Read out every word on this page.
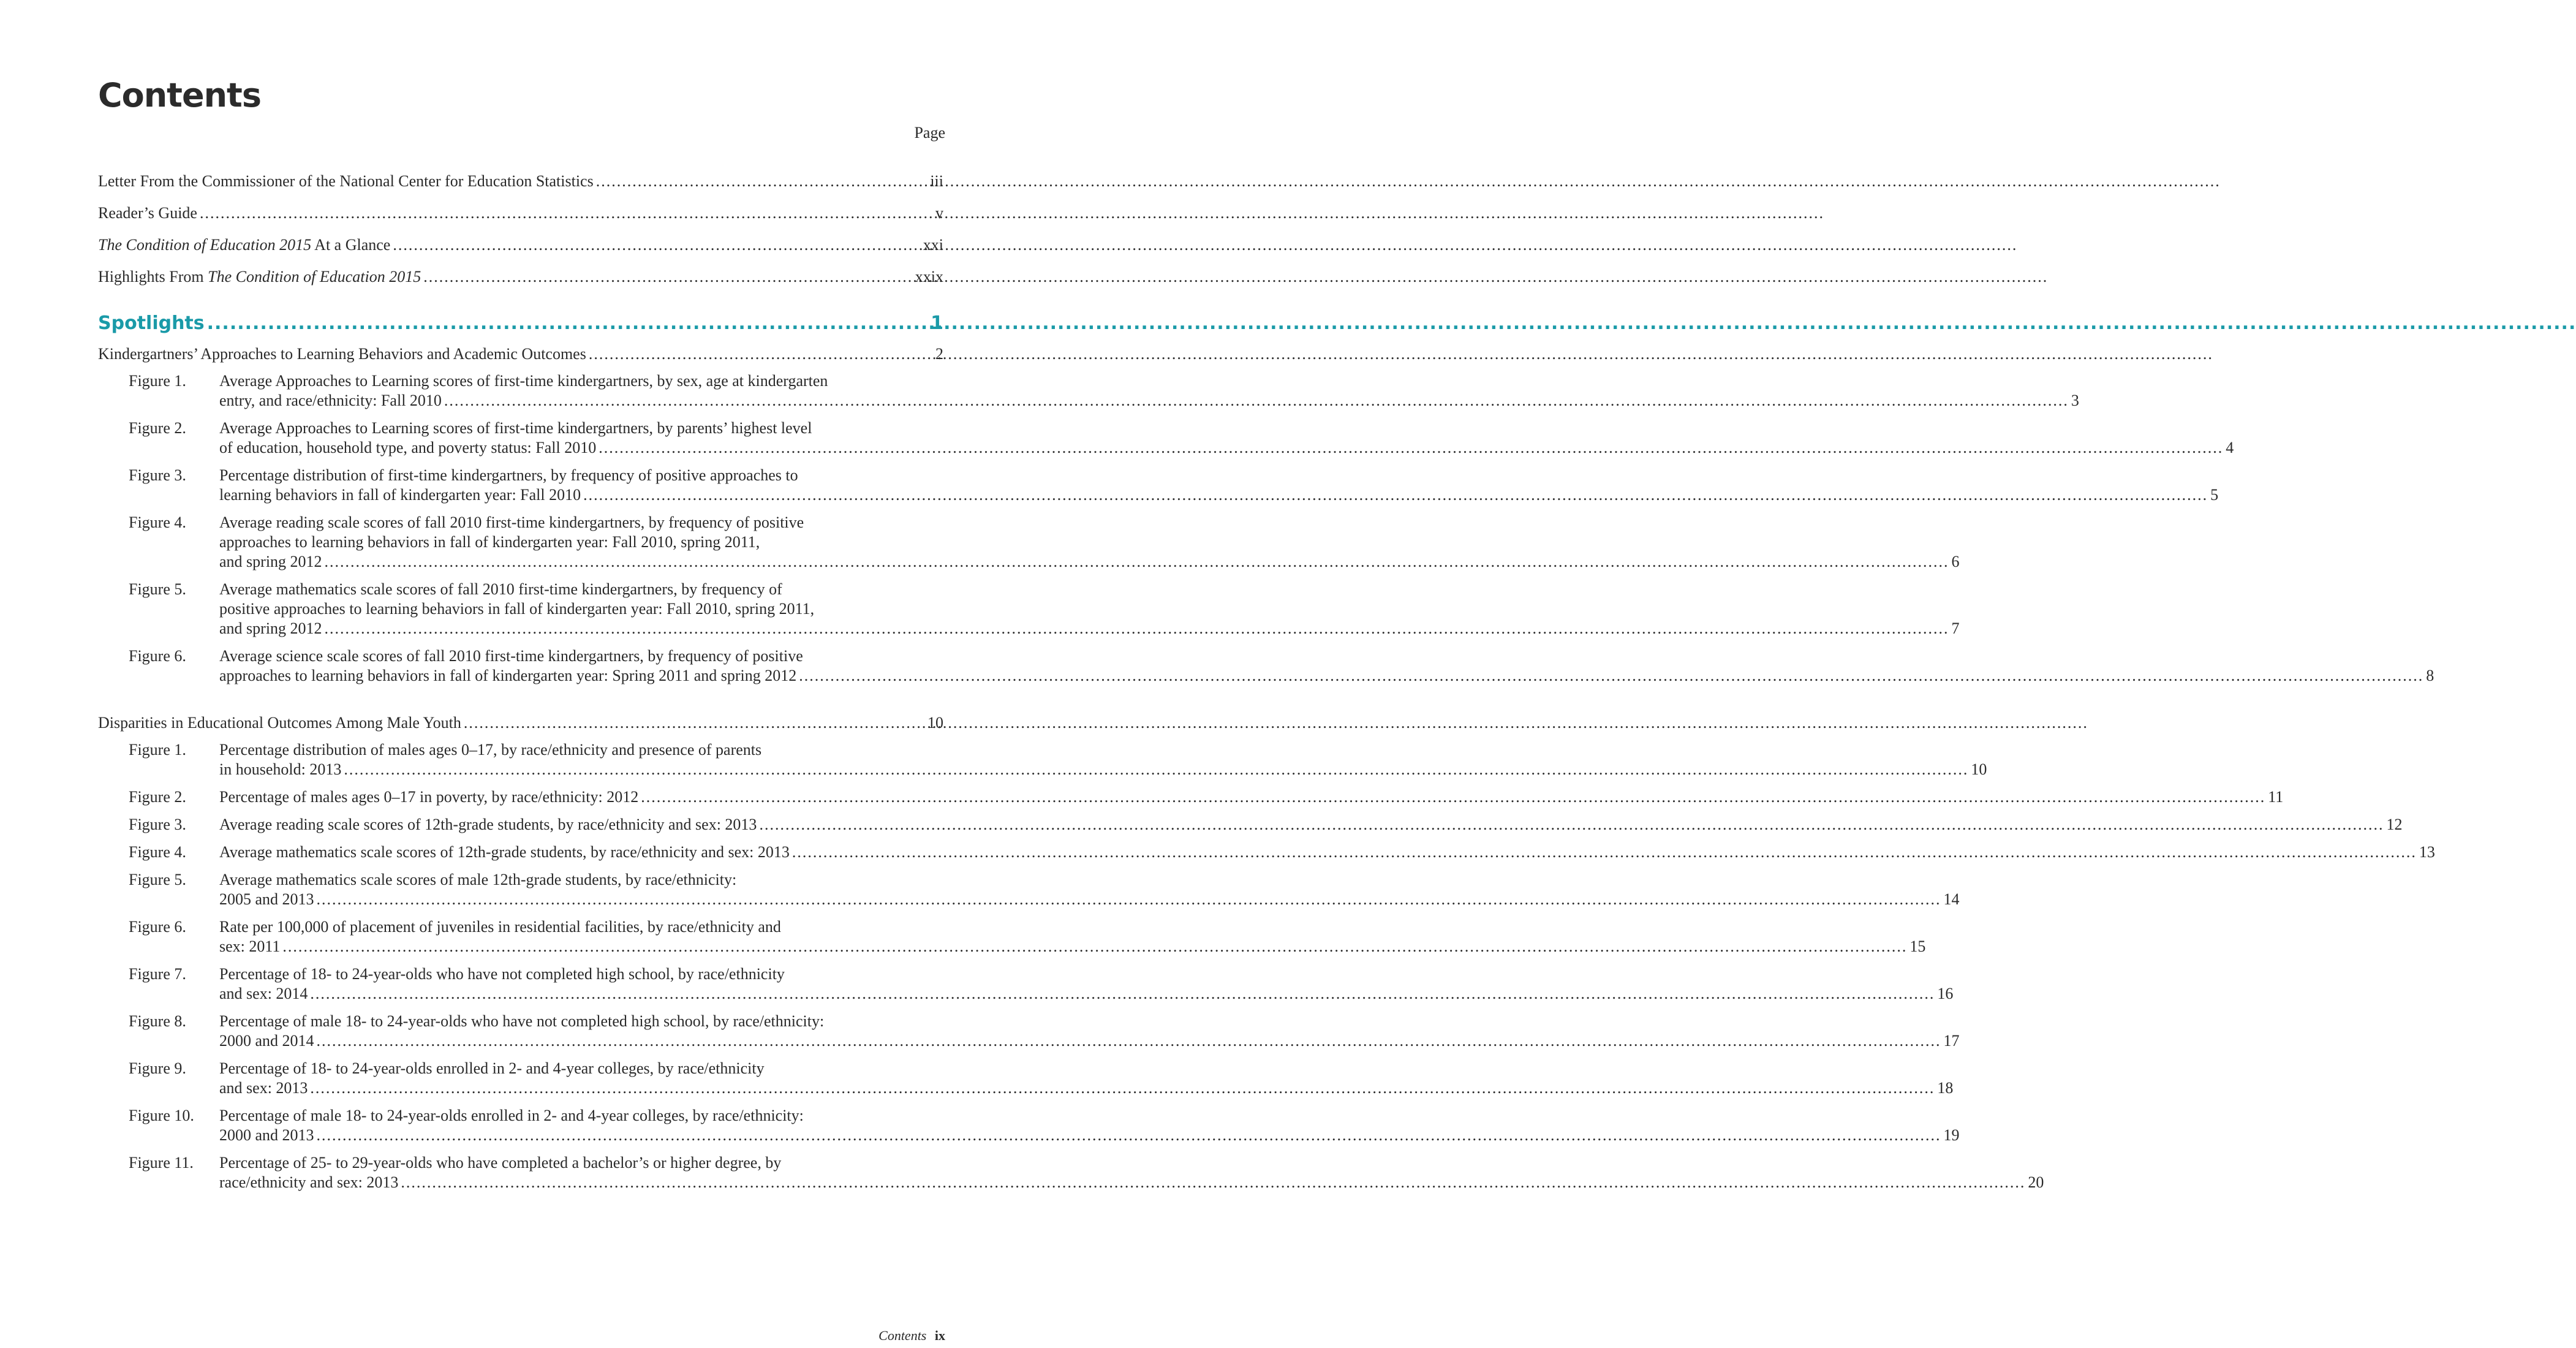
Contents
Page
Letter From the Commissioner of the National Center for Education Statistics .....	iii
Reader’s Guide .....	v
The Condition of Education 2015 At a Glance .....	xxi
Highlights From The Condition of Education 2015 .....	xxix
Spotlights .....	1
Kindergartners’ Approaches to Learning Behaviors and Academic Outcomes .....	2
Figure 1.	Average Approaches to Learning scores of first-time kindergartners, by sex, age at kindergarten
entry, and race/ethnicity: Fall 2010 .....	3
Figure 2.	Average Approaches to Learning scores of first-time kindergartners, by parents’ highest level
of education, household type, and poverty status: Fall 2010 .....	4
Figure 3.	Percentage distribution of first-time kindergartners, by frequency of positive approaches to
learning behaviors in fall of kindergarten year: Fall 2010 .....	5
Figure 4.	Average reading scale scores of fall 2010 first-time kindergartners, by frequency of positive
approaches to learning behaviors in fall of kindergarten year: Fall 2010, spring 2011,
and spring 2012 .....	6
Figure 5.	Average mathematics scale scores of fall 2010 first-time kindergartners, by frequency of
positive approaches to learning behaviors in fall of kindergarten year: Fall 2010, spring 2011,
and spring 2012 .....	7
Figure 6.	Average science scale scores of fall 2010 first-time kindergartners, by frequency of positive
approaches to learning behaviors in fall of kindergarten year: Spring 2011 and spring 2012 .....	8
Disparities in Educational Outcomes Among Male Youth .....	10
Figure 1.	Percentage distribution of males ages 0–17, by race/ethnicity and presence of parents
in household: 2013 .....	10
Figure 2.	Percentage of males ages 0–17 in poverty, by race/ethnicity: 2012 .....	11
Figure 3.	Average reading scale scores of 12th-grade students, by race/ethnicity and sex: 2013 .....	12
Figure 4.	Average mathematics scale scores of 12th-grade students, by race/ethnicity and sex: 2013 .....	13
Figure 5.	Average mathematics scale scores of male 12th-grade students, by race/ethnicity:
2005 and 2013 .....	14
Figure 6.	Rate per 100,000 of placement of juveniles in residential facilities, by race/ethnicity and
sex: 2011 .....	15
Figure 7.	Percentage of 18- to 24-year-olds who have not completed high school, by race/ethnicity
and sex: 2014 .....	16
Figure 8.	Percentage of male 18- to 24-year-olds who have not completed high school, by race/ethnicity:
2000 and 2014 .....	17
Figure 9.	Percentage of 18- to 24-year-olds enrolled in 2- and 4-year colleges, by race/ethnicity
and sex: 2013 .....	18
Figure 10.	Percentage of male 18- to 24-year-olds enrolled in 2- and 4-year colleges, by race/ethnicity:
2000 and 2013 .....	19
Figure 11.	Percentage of 25- to 29-year-olds who have completed a bachelor’s or higher degree, by
race/ethnicity and sex: 2013 .....	20
Contents ix
